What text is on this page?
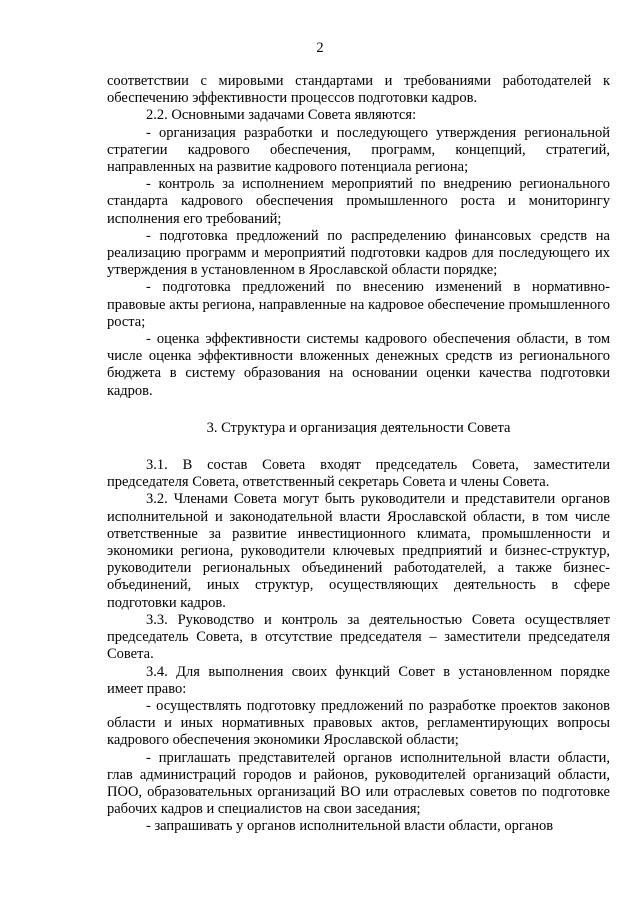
2

соответствии с мировыми стандартами и требованиями работодателей к обеспечению эффективности процессов подготовки кадров.

2.2. Основными задачами Совета являются:

- организация разработки и последующего утверждения региональной стратегии кадрового обеспечения, программ, концепций, стратегий, направленных на развитие кадрового потенциала региона;

- контроль за исполнением мероприятий по внедрению регионального стандарта кадрового обеспечения промышленного роста и мониторингу исполнения его требований;

- подготовка предложений по распределению финансовых средств на реализацию программ и мероприятий подготовки кадров для последующего их утверждения в установленном в Ярославской области порядке;

- подготовка предложений по внесению изменений в нормативно-правовые акты региона, направленные на кадровое обеспечение промышленного роста;

- оценка эффективности системы кадрового обеспечения области, в том числе оценка эффективности вложенных денежных средств из регионального бюджета в систему образования на основании оценки качества подготовки кадров.

3. Структура и организация деятельности Совета

3.1. В состав Совета входят председатель Совета, заместители председателя Совета, ответственный секретарь Совета и члены Совета.

3.2. Членами Совета могут быть руководители и представители органов исполнительной и законодательной власти Ярославской области, в том числе ответственные за развитие инвестиционного климата, промышленности и экономики региона, руководители ключевых предприятий и бизнес-структур, руководители региональных объединений работодателей, а также бизнес-объединений, иных структур, осуществляющих деятельность в сфере подготовки кадров.

3.3. Руководство и контроль за деятельностью Совета осуществляет председатель Совета, в отсутствие председателя – заместители председателя Совета.

3.4. Для выполнения своих функций Совет в установленном порядке имеет право:

- осуществлять подготовку предложений по разработке проектов законов области и иных нормативных правовых актов, регламентирующих вопросы кадрового обеспечения экономики Ярославской области;

- приглашать представителей органов исполнительной власти области, глав администраций городов и районов, руководителей организаций области, ПОО, образовательных организаций ВО или отраслевых советов по подготовке рабочих кадров и специалистов на свои заседания;

- запрашивать у органов исполнительной власти области, органов
